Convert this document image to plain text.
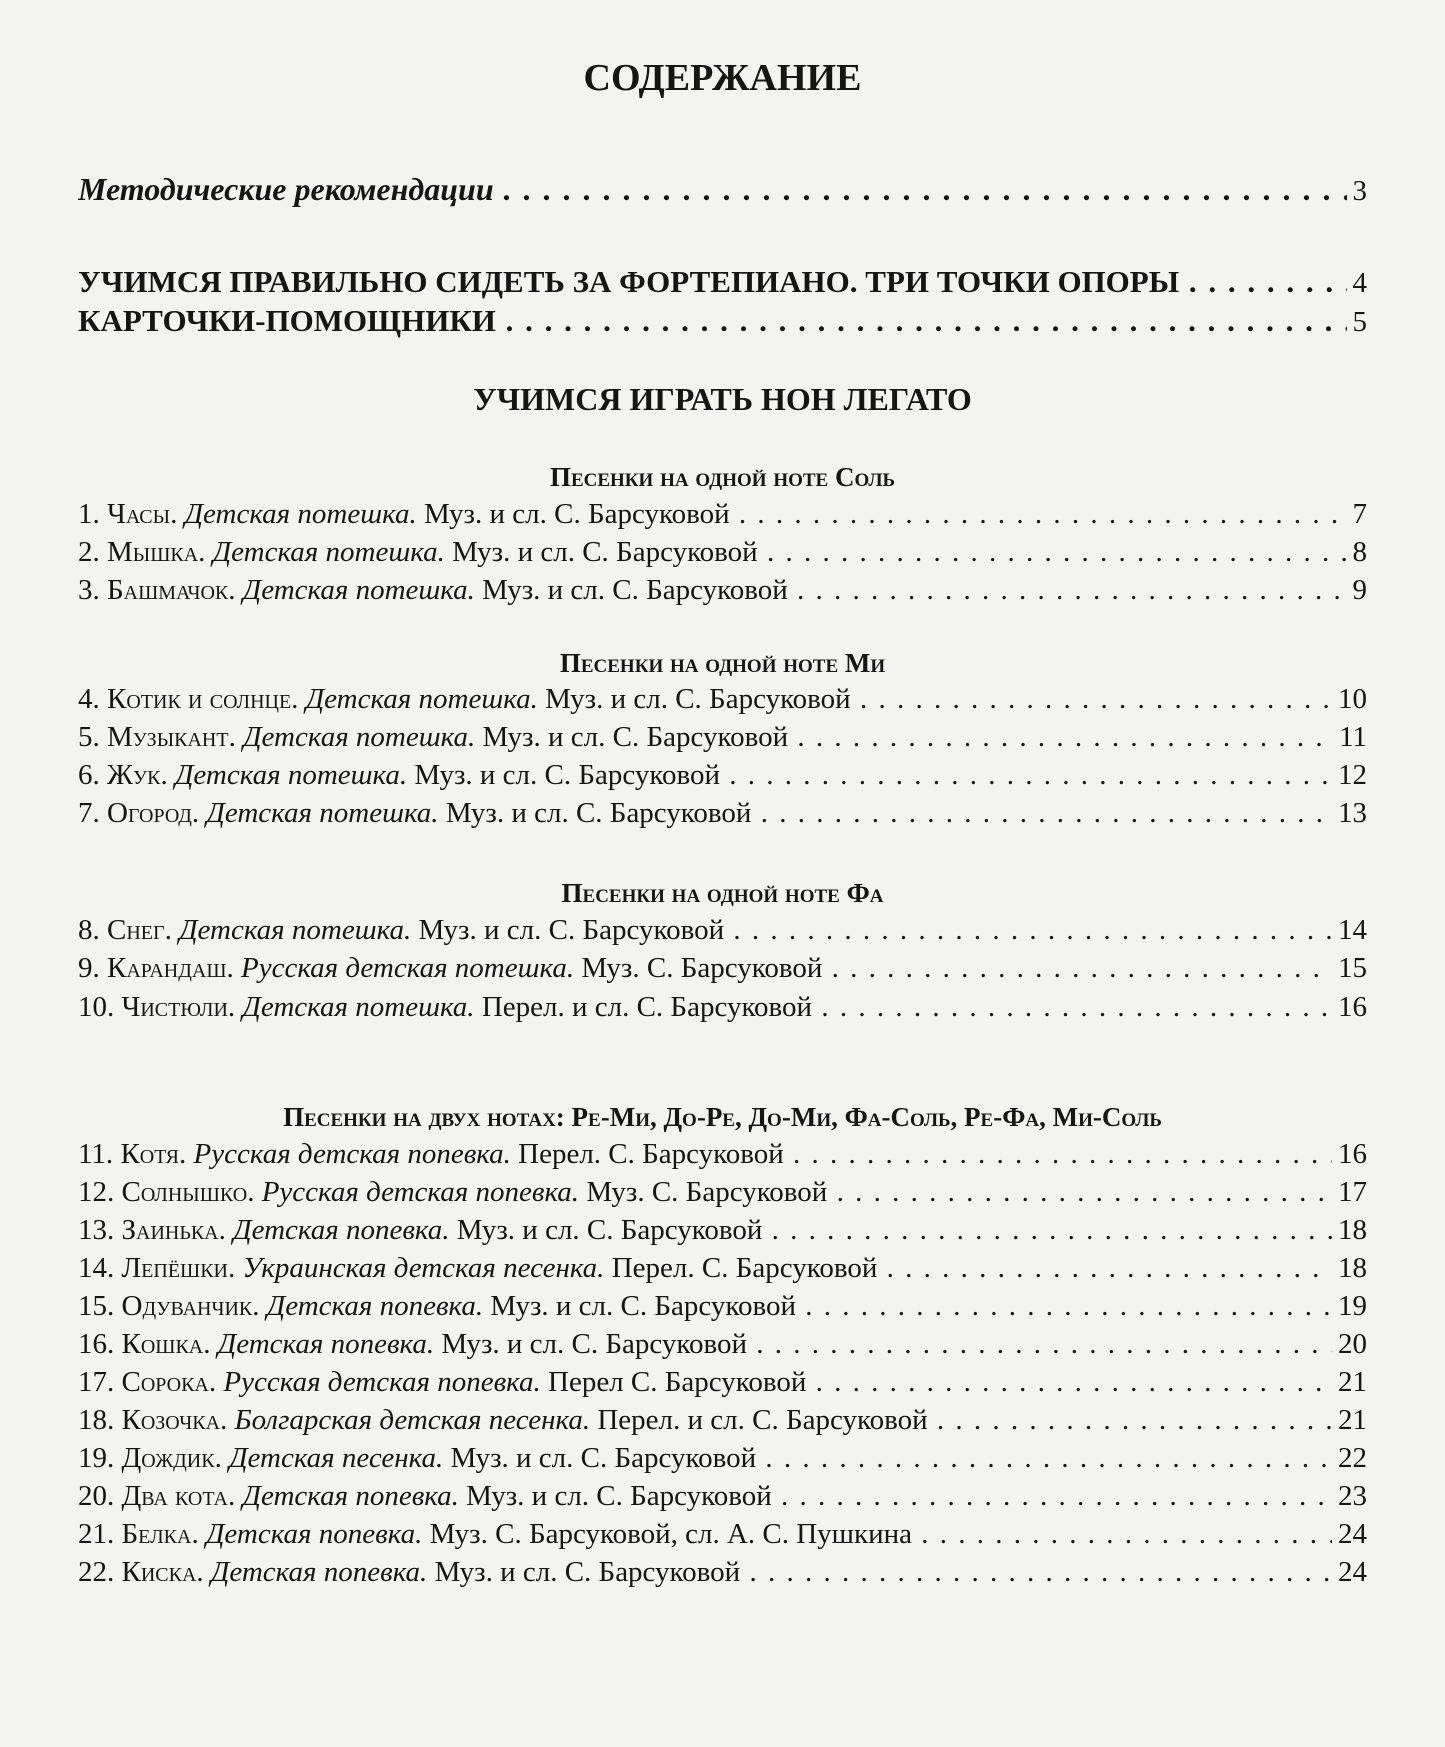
СОДЕРЖАНИЕ
Методические рекомендации . . .	3
УЧИМСЯ ПРАВИЛЬНО СИДЕТЬ ЗА ФОРТЕПИАНО. ТРИ ТОЧКИ ОПОРЫ . . .	4
КАРТОЧКИ-ПОМОЩНИКИ . . .	5
УЧИМСЯ ИГРАТЬ НОН ЛЕГАТО
Песенки на одной ноте Соль
Песенки на одной ноте Ми
Песенки на одной ноте Фа
Песенки на двух нотах: Ре-Ми, До-Ре, До-Ми, Фа-Соль, Ре-Фа, Ми-Соль
1. Часы. Детская потешка. Муз. и сл. С. Барсуковой . . .	7
2. Мышка. Детская потешка. Муз. и сл. С. Барсуковой . . .	8
3. Башмачок. Детская потешка. Муз. и сл. С. Барсуковой . . .	9
4. Котик и солнце. Детская потешка. Муз. и сл. С. Барсуковой . . .	10
5. Музыкант. Детская потешка. Муз. и сл. С. Барсуковой . . .	11
6. Жук. Детская потешка. Муз. и сл. С. Барсуковой . . .	12
7. Огород. Детская потешка. Муз. и сл. С. Барсуковой . . .	13
8. Снег. Детская потешка. Муз. и сл. С. Барсуковой . . .	14
9. Карандаш. Русская детская потешка. Муз. С. Барсуковой . . .	15
10. Чистюли. Детская потешка. Перел. и сл. С. Барсуковой . . .	16
11. Котя. Русская детская попевка. Перел. С. Барсуковой . . .	16
12. Солнышко. Русская детская попевка. Муз. С. Барсуковой . . .	17
13. Заинька. Детская попевка. Муз. и сл. С. Барсуковой . . .	18
14. Лепёшки. Украинская детская песенка. Перел. С. Барсуковой . . .	18
15. Одуванчик. Детская попевка. Муз. и сл. С. Барсуковой . . .	19
16. Кошка. Детская попевка. Муз. и сл. С. Барсуковой . . .	20
17. Сорока. Русская детская попевка. Перел С. Барсуковой . . .	21
18. Козочка. Болгарская детская песенка. Перел. и сл. С. Барсуковой . . .	21
19. Дождик. Детская песенка. Муз. и сл. С. Барсуковой . . .	22
20. Два кота. Детская попевка. Муз. и сл. С. Барсуковой . . .	23
21. Белка. Детская попевка. Муз. С. Барсуковой, сл. А. С. Пушкина . . .	24
22. Киска. Детская попевка. Муз. и сл. С. Барсуковой . . .	24
